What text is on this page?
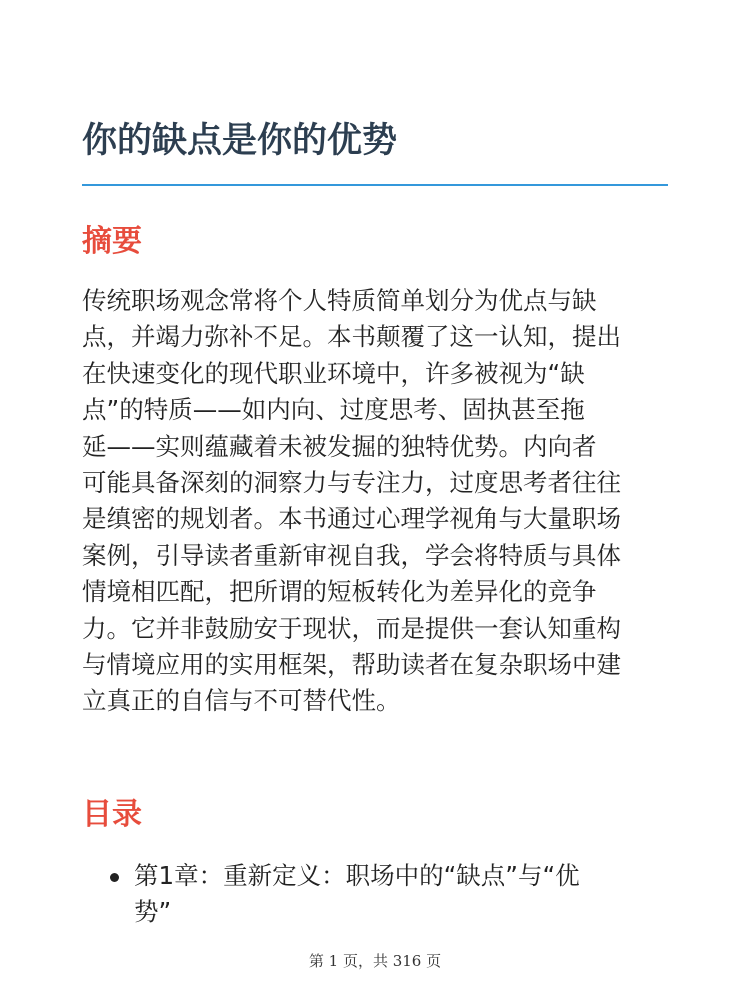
你的缺点是你的优势
摘要

传统职场观念常将个人特质简单划分为优点与缺
点，并竭力弥补不足。本书颠覆了这一认知，提出
在快速变化的现代职业环境中，许多被视为“缺
点”的特质——如内向、过度思考、固执甚至拖
延——实则蕴藏着未被发掘的独特优势。内向者
可能具备深刻的洞察力与专注力，过度思考者往往
是缜密的规划者。本书通过心理学视角与大量职场
案例，引导读者重新审视自我，学会将特质与具体
情境相匹配，把所谓的短板转化为差异化的竞争
力。它并非鼓励安于现状，而是提供一套认知重构
与情境应用的实用框架，帮助读者在复杂职场中建
立真正的自信与不可替代性。

目录
第1章：重新定义：职场中的“缺点”与“优
势”
第 1 页，共 316 页
